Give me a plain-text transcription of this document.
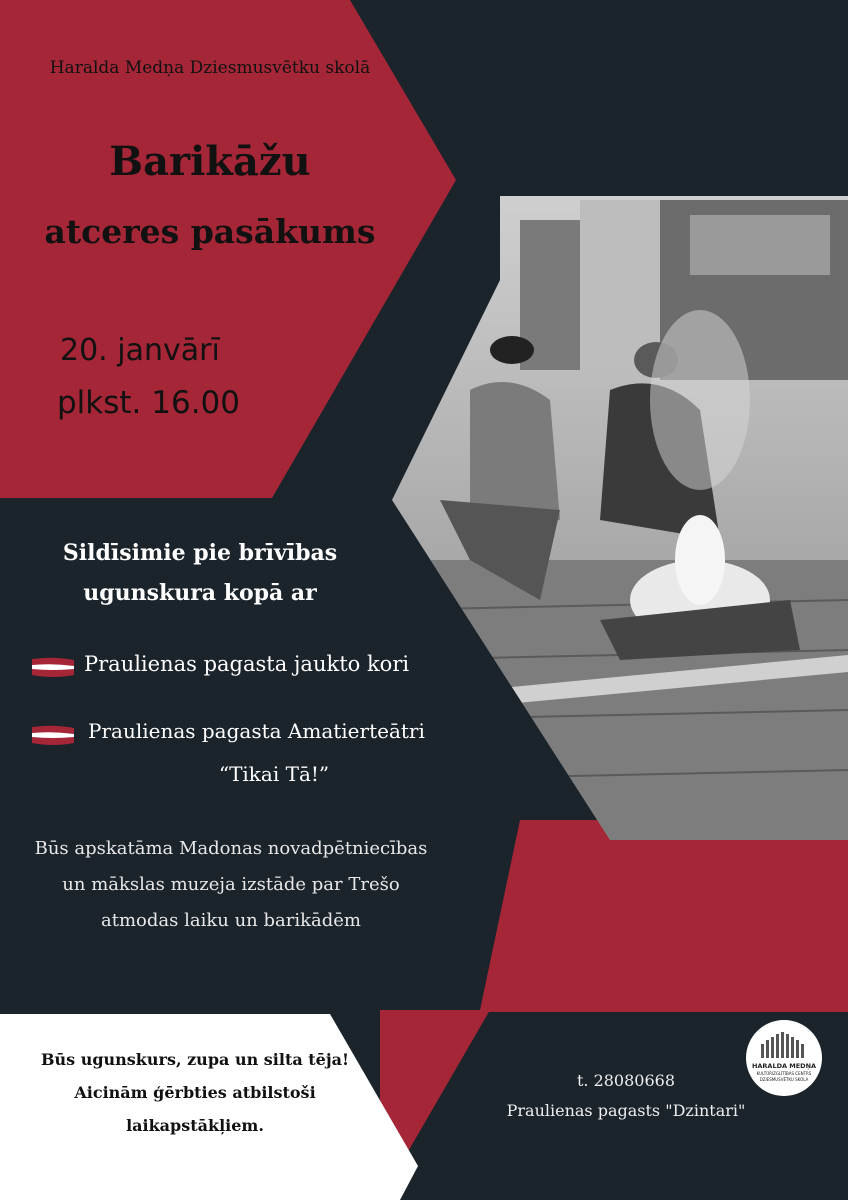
Haralda Medņa Dziesmusvētku skolā
Barikāžu
atceres pasākums
20. janvārī
plkst. 16.00
Sildīsimie pie brīvības
ugunskura kopā ar
Praulienas pagasta jaukto kori
Praulienas pagasta Amatierteātri
“Tikai Tā!”
Būs apskatāma Madonas novadpētniecības
un mākslas muzeja izstāde par Trešo
atmodas laiku un barikādēm
Būs ugunskurs, zupa un silta tēja!
Aicinām ģērbties atbilstoši
laikapstākļiem.
t. 28080668
Praulienas pagasts "Dzintari"
HARALDA MEDŅA
KULTŪRIZGLĪTĪBAS CENTRS
DZIESMUSVĒTKU SKOLA
